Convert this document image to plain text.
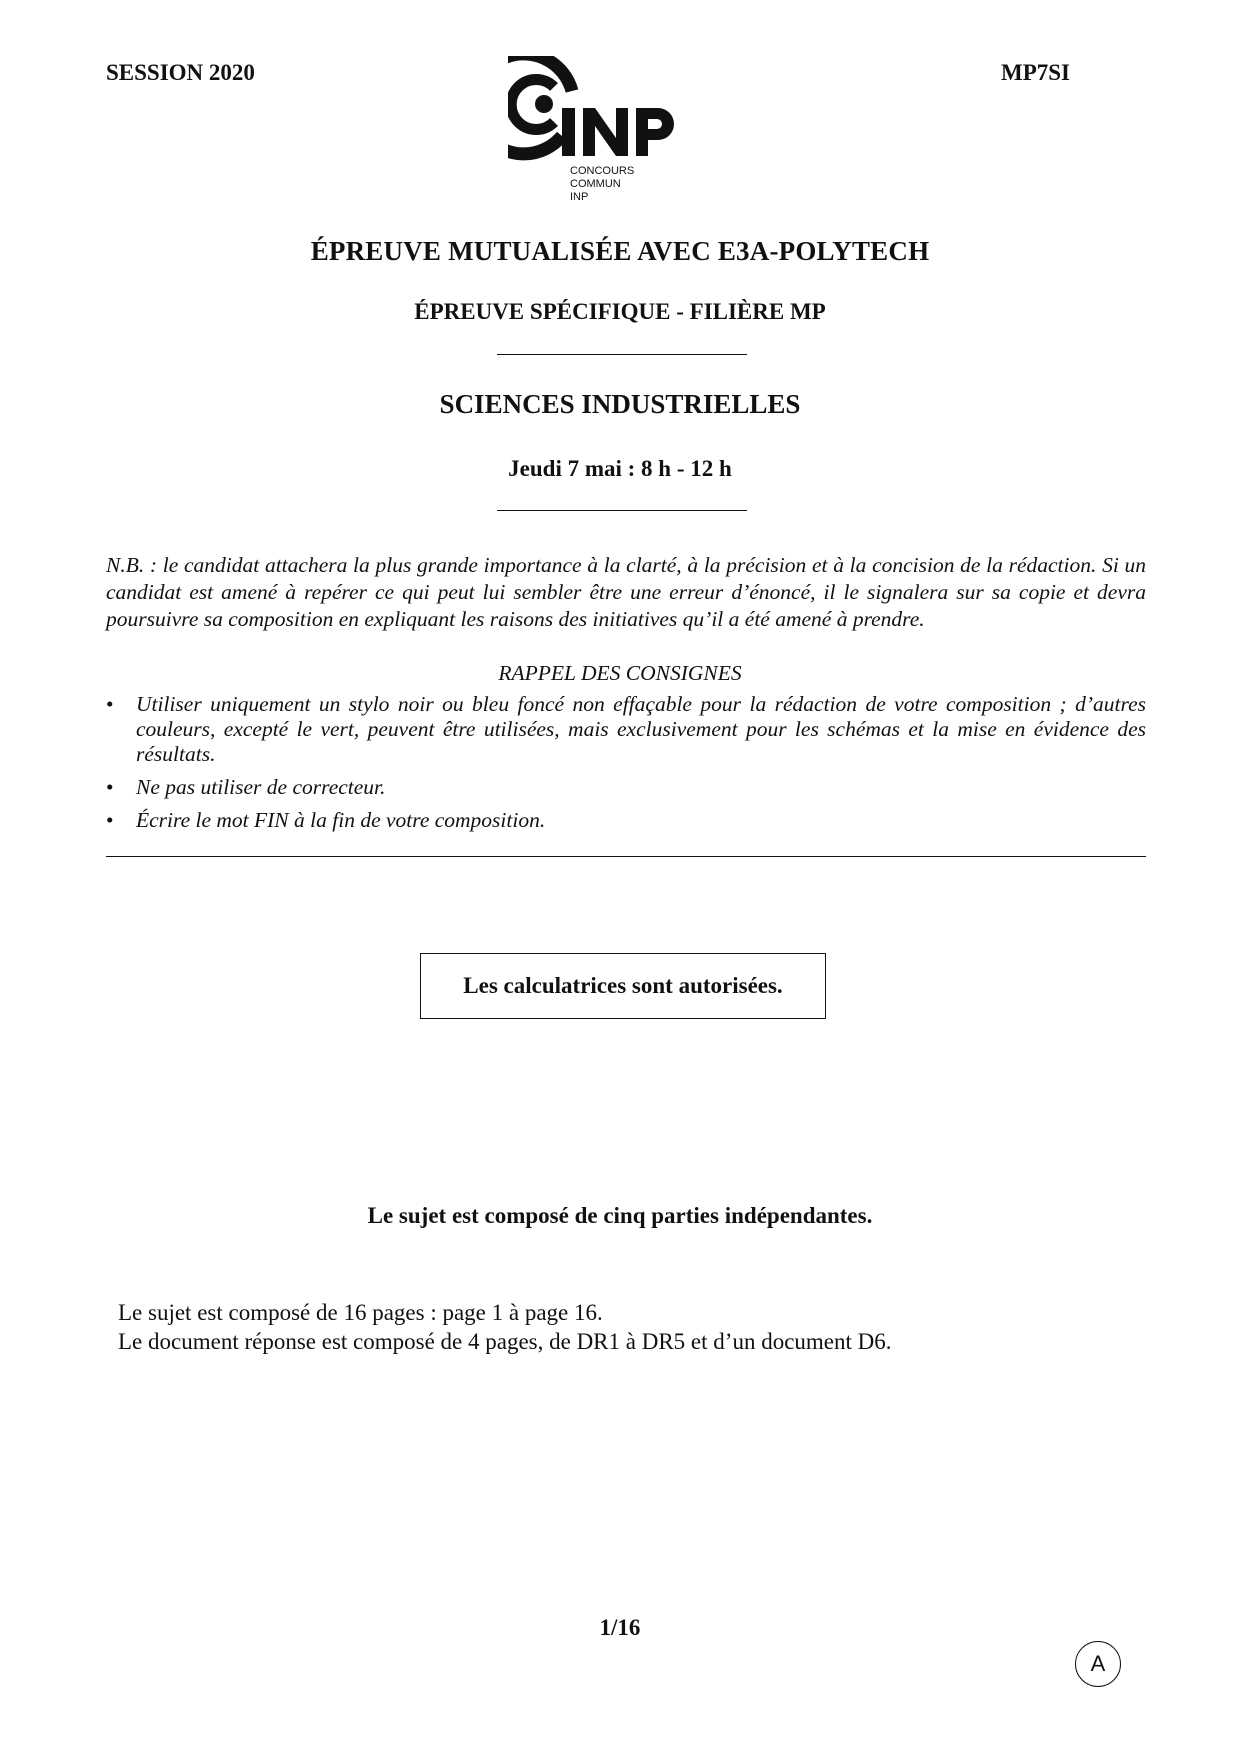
SESSION 2020	MP7SI
CONCOURS
COMMUN
INP
ÉPREUVE MUTUALISÉE AVEC E3A-POLYTECH
ÉPREUVE SPÉCIFIQUE - FILIÈRE MP
SCIENCES INDUSTRIELLES
Jeudi 7 mai : 8 h - 12 h
N.B. : le candidat attachera la plus grande importance à la clarté, à la précision et à la concision de la rédaction. Si un candidat est amené à repérer ce qui peut lui sembler être une erreur d’énoncé, il le signalera sur sa copie et devra poursuivre sa composition en expliquant les raisons des initiatives qu’il a été amené à prendre.
RAPPEL DES CONSIGNES
• Utiliser uniquement un stylo noir ou bleu foncé non effaçable pour la rédaction de votre composition ; d’autres couleurs, excepté le vert, peuvent être utilisées, mais exclusivement pour les schémas et la mise en évidence des résultats.
• Ne pas utiliser de correcteur.
• Écrire le mot FIN à la fin de votre composition.
Les calculatrices sont autorisées.
Le sujet est composé de cinq parties indépendantes.
Le sujet est composé de 16 pages : page 1 à page 16.
Le document réponse est composé de 4 pages, de DR1 à DR5 et d’un document D6.
1/16
A
